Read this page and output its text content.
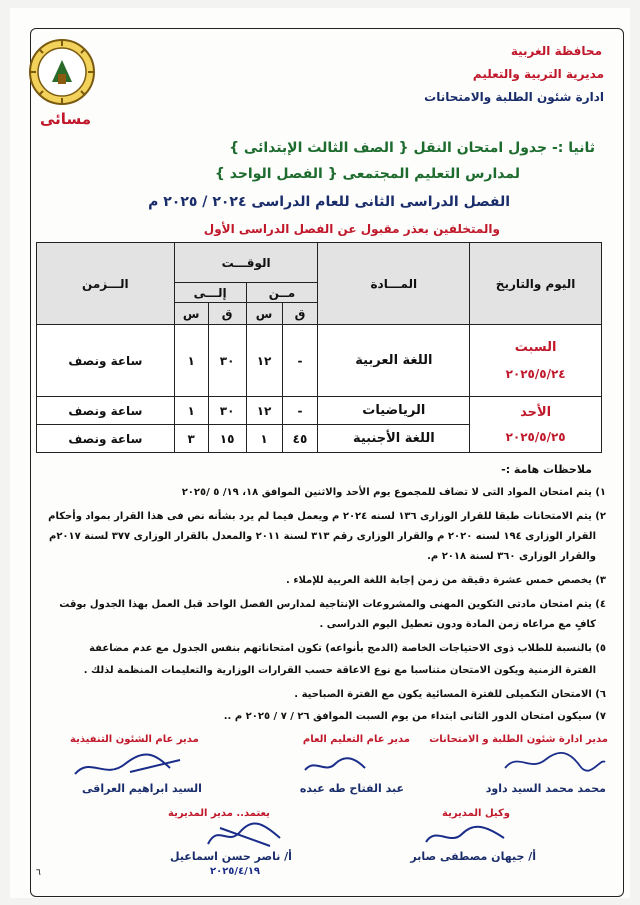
محافظة الغربية
مديرية التربية والتعليم
ادارة شئون الطلبة والامتحانات
مسائى
ثانيا :- جدول امتحان النقل { الصف الثالث الإبتدائى }
لمدارس التعليم المجتمعى { الفصل الواحد }
الفصل الدراسى الثانى للعام الدراسى ٢٠٢٤ / ٢٠٢٥ م
والمتخلفين بعذر مقبول عن الفصل الدراسى الأول
الـــزمن	الوقـــت				المـــادة	اليوم والتاريخ
	إلـــى		مــن			
	س	ق	س	ق		
ساعة ونصف	١	٣٠	١٢	-	اللغة العربية	السبت
٢٠٢٥/٥/٢٤

ساعة ونصف	١	٣٠	١٢	-	الرياضيات	الأحد
٢٠٢٥/٥/٢٥

ساعة ونصف	٣	١٥	١	٤٥	اللغة الأجنبية	
ملاحظات هامة :-
١) يتم امتحان المواد التى لا تضاف للمجموع يوم الأحد والاثنين الموافق ١٨، ١٩/ ٥ /٢٠٢٥
٢) يتم الامتحانات طبقا للقرار الوزارى ١٣٦ لسنه ٢٠٢٤ م ويعمل فيما لم يرد بشأنه نص فى هذا القرار بمواد وأحكام
القرار الوزارى ١٩٤ لسنه ٢٠٢٠ م والقرار الوزارى رقم ٣١٣ لسنة ٢٠١١ والمعدل بالقرار الوزارى ٣٧٧ لسنة ٢٠١٧م
والقرار الوزارى ٣٦٠ لسنة ٢٠١٨ م.
٣) يخصص خمس عشرة دقيقة من زمن إجابة اللغة العربية للإملاء .
٤) يتم امتحان مادتى التكوين المهنى والمشروعات الإنتاجية لمدارس الفصل الواحد قبل العمل بهذا الجدول بوقت
كافٍ مع مراعاه زمن المادة ودون تعطيل اليوم الدراسى .
٥) بالنسبة للطلاب ذوى الاحتياجات الخاصة (الدمج بأنواعه) تكون امتحاناتهم بنفس الجدول مع عدم مضاعفة
الفترة الزمنية ويكون الامتحان متناسبا مع نوع الاعاقة حسب القرارات الوزارية والتعليمات المنظمة لذلك .
٦) الامتحان التكميلى للفترة المسائية يكون مع الفترة الصباحية .
٧) سيكون امتحان الدور الثانى ابتداء من يوم السبت الموافق ٢٦ / ٧ / ٢٠٢٥ م ..
مدير ادارة شئون الطلبة و الامتحانات
مدير عام التعليم العام
مدير عام الشئون التنفيذية
محمد محمد السيد داود
عبد الفتاح طه عبده
السيد ابراهيم العراقى
وكيل المديرية
يعتمد.. مدير المديرية
أ/ جيهان مصطفى صابر
أ/ ناصر حسن اسماعيل
٢٠٢٥/٤/١٩
٦
